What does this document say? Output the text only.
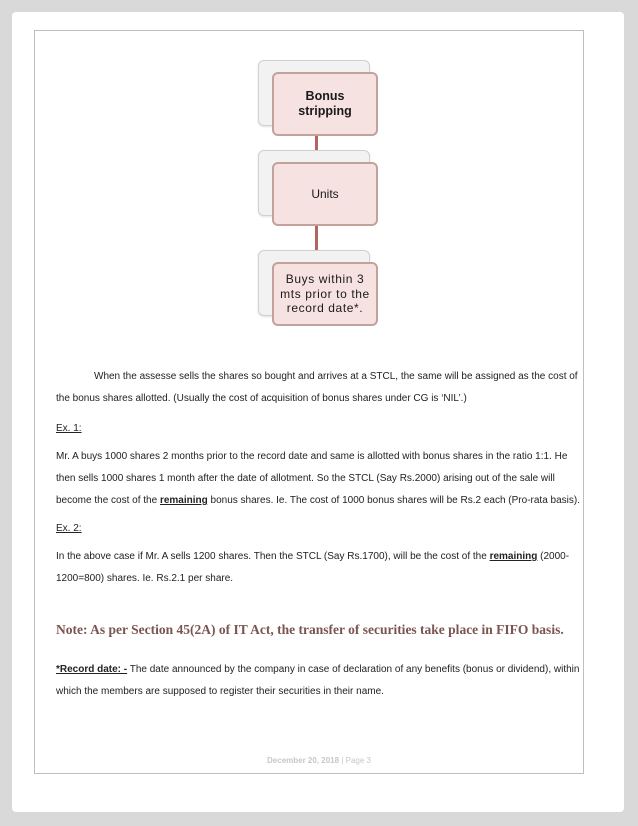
Bonus
stripping
Units
Buys within 3
mts prior to the
record date*.

When the assesse sells the shares so bought and arrives at a STCL, the same will be assigned as the cost of the bonus shares allotted. (Usually the cost of acquisition of bonus shares under CG is ‘NIL’.)

Ex. 1:

Mr. A buys 1000 shares 2 months prior to the record date and same is allotted with bonus shares in the ratio 1:1. He then sells 1000 shares 1 month after the date of allotment. So the STCL (Say Rs.2000) arising out of the sale will become the cost of the remaining bonus shares. Ie. The cost of 1000 bonus shares will be Rs.2 each (Pro-rata basis).

Ex. 2:

In the above case if Mr. A sells 1200 shares. Then the STCL (Say Rs.1700), will be the cost of the remaining (2000-1200=800) shares. Ie. Rs.2.1 per share.

Note: As per Section 45(2A) of IT Act, the transfer of securities take place in FIFO basis.

*Record date: - The date announced by the company in case of declaration of any benefits (bonus or dividend), within which the members are supposed to register their securities in their name.

December 20, 2018 | Page 3
